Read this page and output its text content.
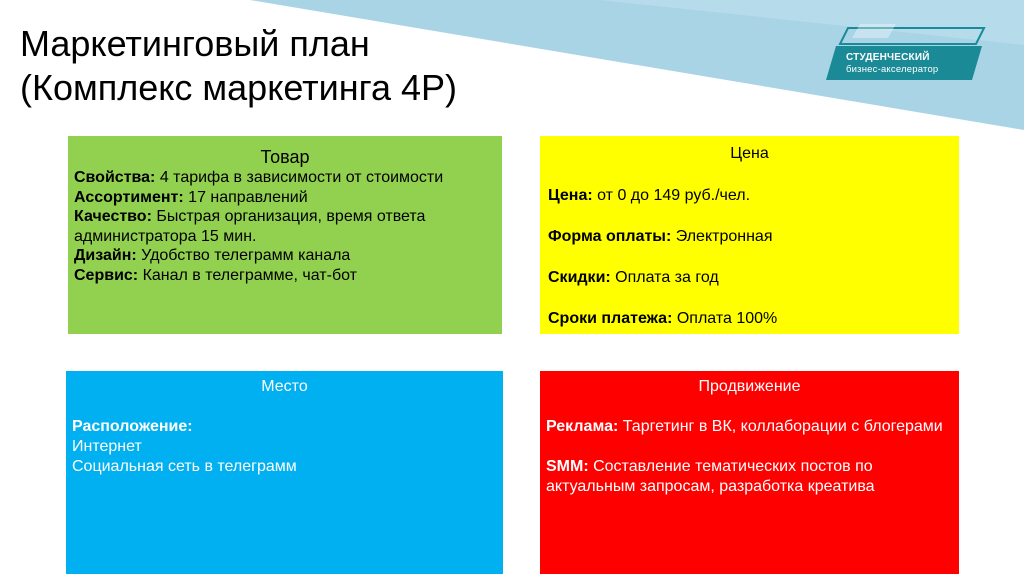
Маркетинговый план
(Комплекс маркетинга 4Р)
СТУДЕНЧЕСКИЙ
бизнес-акселератор
Товар
Свойства: 4 тарифа в зависимости от стоимости
Ассортимент: 17 направлений
Качество: Быстрая организация, время ответа администратора 15 мин.
Дизайн: Удобство телеграмм канала
Сервис: Канал в телеграмме, чат-бот
Цена
Цена: от 0 до 149 руб./чел.
Форма оплаты: Электронная
Скидки: Оплата за год
Сроки платежа: Оплата 100%
Место
Расположение:
Интернет
Социальная сеть в телеграмм
Продвижение
Реклама: Таргетинг в ВК, коллаборации с блогерами
SMM: Составление тематических постов по актуальным запросам, разработка креатива
